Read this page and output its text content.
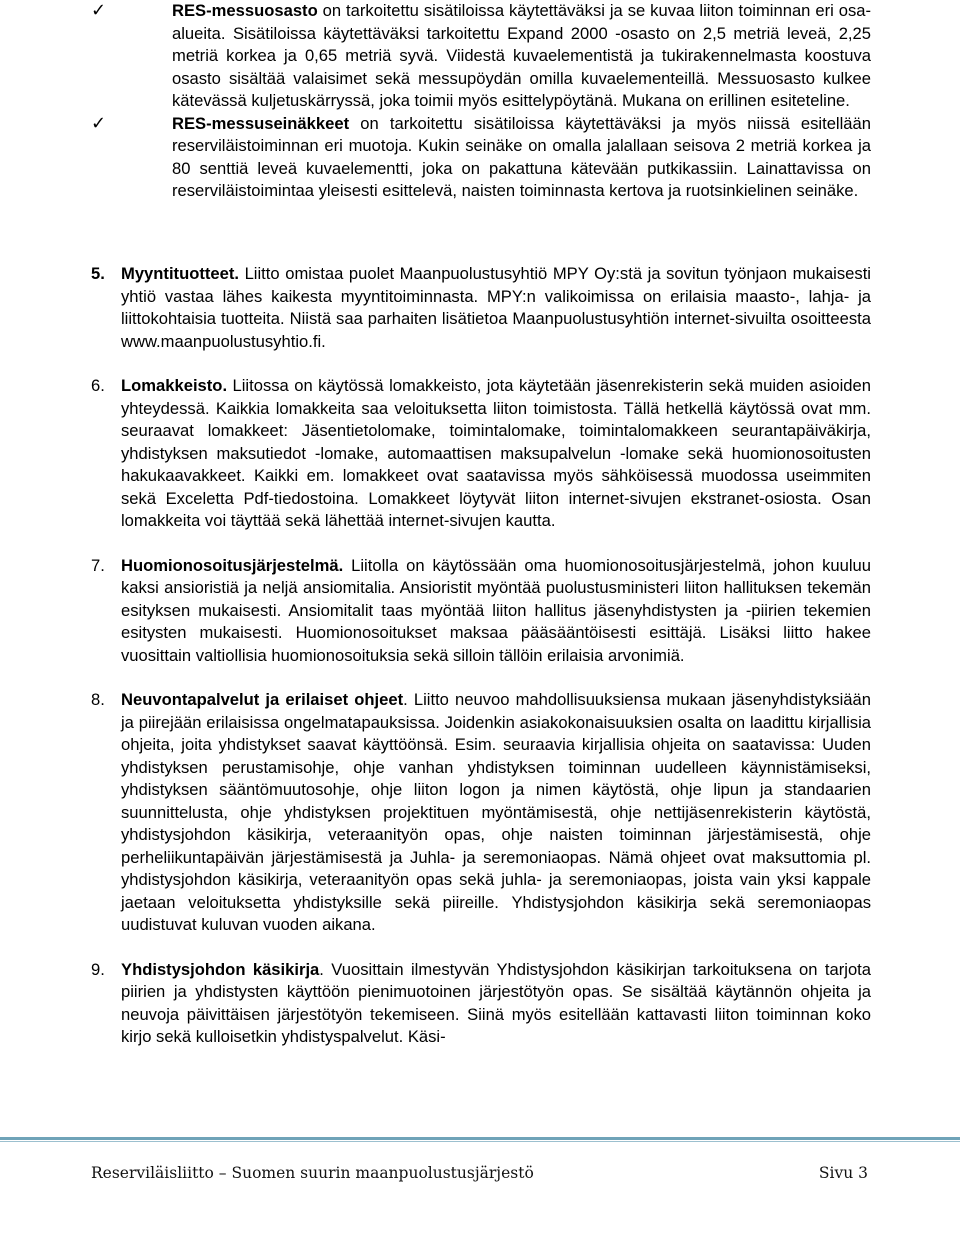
✓	RES-messuosasto on tarkoitettu sisätiloissa käytettäväksi ja se kuvaa liiton toiminnan eri osa-alueita. Sisätiloissa käytettäväksi tarkoitettu Expand 2000 -osasto on 2,5 metriä leveä, 2,25 metriä korkea ja 0,65 metriä syvä. Viidestä kuvaelementistä ja tukirakennelmasta koostuva osasto sisältää valaisimet sekä messupöydän omilla kuvaelementeillä. Messuosasto kulkee kätevässä kuljetuskärryssä, joka toimii myös esittelypöytänä. Mukana on erillinen esiteteline.

✓	RES-messuseinäkkeet on tarkoitettu sisätiloissa käytettäväksi ja myös niissä esitellään reserviläistoiminnan eri muotoja. Kukin seinäke on omalla jalallaan seisova 2 metriä korkea ja 80 senttiä leveä kuvaelementti, joka on pakattuna kätevään putkikassiin. Lainattavissa on reserviläistoimintaa yleisesti esittelevä, naisten toiminnasta kertova ja ruotsinkielinen seinäke.

5. Myyntituotteet. Liitto omistaa puolet Maanpuolustusyhtiö MPY Oy:stä ja sovitun työnjaon mukaisesti yhtiö vastaa lähes kaikesta myyntitoiminnasta. MPY:n valikoimissa on erilaisia maasto-, lahja- ja liittokohtaisia tuotteita. Niistä saa parhaiten lisätietoa Maanpuolustusyhtiön internet-sivuilta osoitteesta www.maanpuolustusyhtio.fi.

6. Lomakkeisto. Liitossa on käytössä lomakkeisto, jota käytetään jäsenrekisterin sekä muiden asioiden yhteydessä. Kaikkia lomakkeita saa veloituksetta liiton toimistosta. Tällä hetkellä käytössä ovat mm. seuraavat lomakkeet: Jäsentietolomake, toimintalomake, toimintalomakkeen seurantapäiväkirja, yhdistyksen maksutiedot -lomake, automaattisen maksupalvelun -lomake sekä huomionosoitusten hakukaavakkeet. Kaikki em. lomakkeet ovat saatavissa myös sähköisessä muodossa useimmiten sekä Exceletta Pdf-tiedostoina. Lomakkeet löytyvät liiton internet-sivujen ekstranet-osiosta. Osan lomakkeita voi täyttää sekä lähettää internet-sivujen kautta.

7. Huomionosoitusjärjestelmä. Liitolla on käytössään oma huomionosoitusjärjestelmä, johon kuuluu kaksi ansioristiä ja neljä ansiomitalia. Ansioristit myöntää puolustusministeri liiton hallituksen tekemän esityksen mukaisesti. Ansiomitalit taas myöntää liiton hallitus jäsenyhdistysten ja -piirien tekemien esitysten mukaisesti. Huomionosoitukset maksaa pääsääntöisesti esittäjä. Lisäksi liitto hakee vuosittain valtiollisia huomionosoituksia sekä silloin tällöin erilaisia arvonimiä.

8. Neuvontapalvelut ja erilaiset ohjeet. Liitto neuvoo mahdollisuuksiensa mukaan jäsenyhdistyksiään ja piirejään erilaisissa ongelmatapauksissa. Joidenkin asiakokonaisuuksien osalta on laadittu kirjallisia ohjeita, joita yhdistykset saavat käyttöönsä. Esim. seuraavia kirjallisia ohjeita on saatavissa: Uuden yhdistyksen perustamisohje, ohje vanhan yhdistyksen toiminnan uudelleen käynnistämiseksi, yhdistyksen sääntömuutosohje, ohje liiton logon ja nimen käytöstä, ohje lipun ja standaarien suunnittelusta, ohje yhdistyksen projektituen myöntämisestä, ohje nettijäsenrekisterin käytöstä, yhdistysjohdon käsikirja, veteraanityön opas, ohje naisten toiminnan järjestämisestä, ohje perheliikuntapäivän järjestämisestä ja Juhla- ja seremoniaopas. Nämä ohjeet ovat maksuttomia pl. yhdistysjohdon käsikirja, veteraanityön opas sekä juhla- ja seremoniaopas, joista vain yksi kappale jaetaan veloituksetta yhdistyksille sekä piireille. Yhdistysjohdon käsikirja sekä seremoniaopas uudistuvat kuluvan vuoden aikana.

9. Yhdistysjohdon käsikirja. Vuosittain ilmestyvän Yhdistysjohdon käsikirjan tarkoituksena on tarjota piirien ja yhdistysten käyttöön pienimuotoinen järjestötyön opas. Se sisältää käytännön ohjeita ja neuvoja päivittäisen järjestötyön tekemiseen. Siinä myös esitellään kattavasti liiton toiminnan koko kirjo sekä kulloisetkin yhdistyspalvelut. Käsi-

Reserviläisliitto – Suomen suurin maanpuolustusjärjestö	Sivu 3
